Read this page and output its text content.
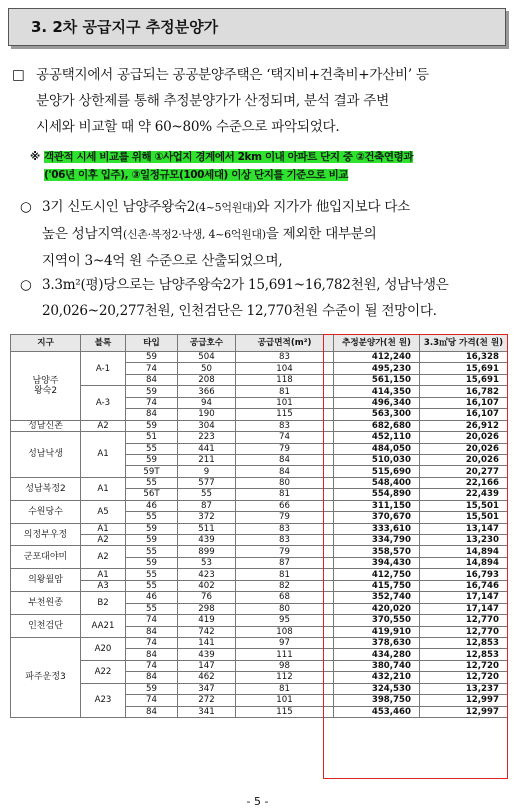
3. 2차 공급지구 추정분양가
□ 공공택지에서 공급되는 공공분양주택은 ‘택지비+건축비+가산비’ 등
분양가 상한제를 통해 추정분양가가 산정되며, 분석 결과 주변
시세와 비교할 때 약 60~80% 수준으로 파악되었다.
※ 객관적 시세 비교를 위해 ①사업지 경계에서 2km 이내 아파트 단지 중 ②건축연령과
('06년 이후 입주), ③일정규모(100세대) 이상 단지를 기준으로 비교
○ 3기 신도시인 남양주왕숙2(4~5억원대)와 지가가 他입지보다 다소
높은 성남지역(신촌·복정2·낙생, 4~6억원대)을 제외한 대부분의
지역이 3~4억 원 수준으로 산출되었으며,
○ 3.3m²(평)당으로는 남양주왕숙2가 15,691~16,782천원, 성남낙생은
20,026~20,277천원, 인천검단은 12,770천원 수준이 될 전망이다.
지구	블록	타입	공급호수	공급면적(m²)	추정분양가(천 원)	3.3㎡당 가격(천 원)
남양주
왕숙2	A-1	59	504	83	412,240	16,328
		74	50	104	495,230	15,691
		84	208	118	561,150	15,691
	A-3	59	366	81	414,350	16,782
		74	94	101	496,340	16,107
		84	190	115	563,300	16,107
성남신촌	A2	59	304	83	682,680	26,912
성남낙생	A1	51	223	74	452,110	20,026
		55	441	79	484,050	20,026
		59	211	84	510,030	20,026
		59T	9	84	515,690	20,277
성남복정2	A1	55	577	80	548,400	22,166
		56T	55	81	554,890	22,439
수원당수	A5	46	87	66	311,150	15,501
		55	372	79	370,670	15,501
의정부우정	A1	59	511	83	333,610	13,147
	A2	59	439	83	334,790	13,230
군포대야미	A2	55	899	79	358,570	14,894
		59	53	87	394,430	14,894
의왕월암	A1	55	423	81	412,750	16,793
	A3	55	402	82	415,750	16,746
부천원종	B2	46	76	68	352,740	17,147
		55	298	80	420,020	17,147
인천검단	AA21	74	419	95	370,550	12,770
		84	742	108	419,910	12,770
파주운정3	A20	74	141	97	378,630	12,853
		84	439	111	434,280	12,853
	A22	74	147	98	380,740	12,720
		84	462	112	432,210	12,720
	A23	59	347	81	324,530	13,237
		74	272	101	398,750	12,997
		84	341	115	453,460	12,997
- 5 -
